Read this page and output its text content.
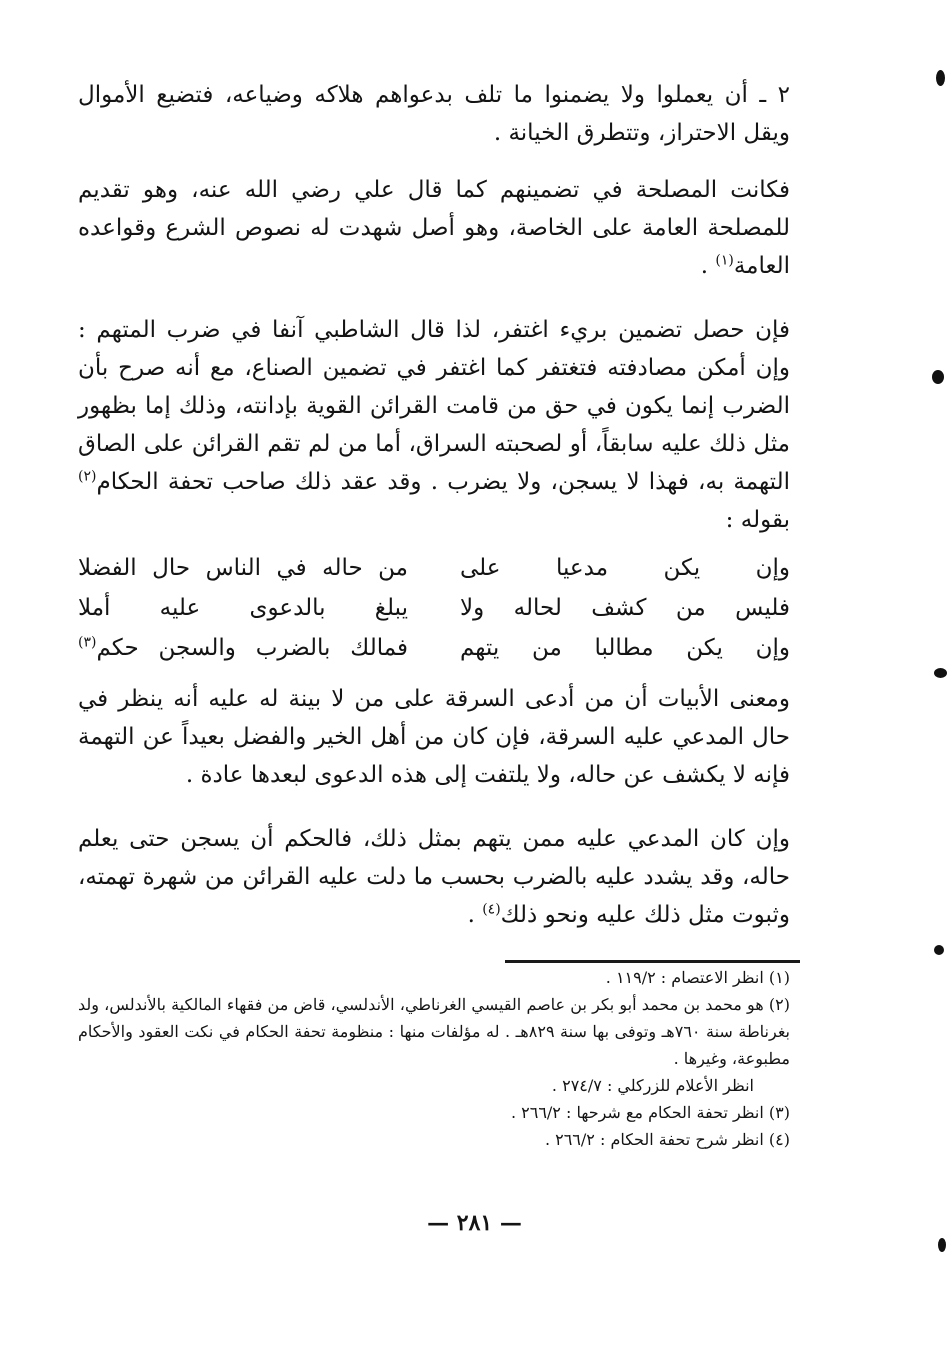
٢ ـ أن يعملوا ولا يضمنوا ما تلف بدعواهم هلاكه وضياعه، فتضيع الأموال ويقل الاحتراز، وتتطرق الخيانة .

فكانت المصلحة في تضمينهم كما قال علي رضي الله عنه، وهو تقديم للمصلحة العامة على الخاصة، وهو أصل شهدت له نصوص الشرع وقواعده العامة$^{(١)}$ .

فإن حصل تضمين بريء اغتفر، لذا قال الشاطبي آنفا في ضرب المتهم : وإن أمكن مصادفته فتغتفر كما اغتفر في تضمين الصناع، مع أنه صرح بأن الضرب إنما يكون في حق من قامت القرائن القوية بإدانته، وذلك إما بظهور مثل ذلك عليه سابقاً، أو لصحبته السراق، أما من لم تقم القرائن على الصاق التهمة به، فهذا لا يسجن، ولا يضرب . وقد عقد ذلك صاحب تحفة الحكام$^{(٢)}$ بقوله :

وإن يكن مدعيا على
من حاله في الناس حال الفضلا
فليس من كشف لحاله ولا
يبلغ بالدعوى عليه أملا
وإن يكن مطالبا من يتهم
فمالك بالضرب والسجن حكم$^{(٣)}$

ومعنى الأبيات أن من أدعى السرقة على من لا بينة له عليه أنه ينظر في حال المدعي عليه السرقة، فإن كان من أهل الخير والفضل بعيداً عن التهمة فإنه لا يكشف عن حاله، ولا يلتفت إلى هذه الدعوى لبعدها عادة .

وإن كان المدعي عليه ممن يتهم بمثل ذلك، فالحكم أن يسجن حتى يعلم حاله، وقد يشدد عليه بالضرب بحسب ما دلت عليه القرائن من شهرة تهمته، وثبوت مثل ذلك عليه ونحو ذلك$^{(٤)}$ .

(١) انظر الاعتصام : ١١٩/٢ .

(٢) هو محمد بن محمد أبو بكر بن عاصم القيسي الغرناطي، الأندلسي، قاض من فقهاء المالكية بالأندلس، ولد بغرناطة سنة ٧٦٠هـ وتوفى بها سنة ٨٢٩هـ . له مؤلفات منها : منظومة تحفة الحكام في نكت العقود والأحكام مطبوعة، وغيرها .

انظر الأعلام للزركلي : ٢٧٤/٧ .

(٣) انظر تحفة الحكام مع شرحها : ٢٦٦/٢ .

(٤) انظر شرح تحفة الحكام : ٢٦٦/٢ .

— ٢٨١ —
